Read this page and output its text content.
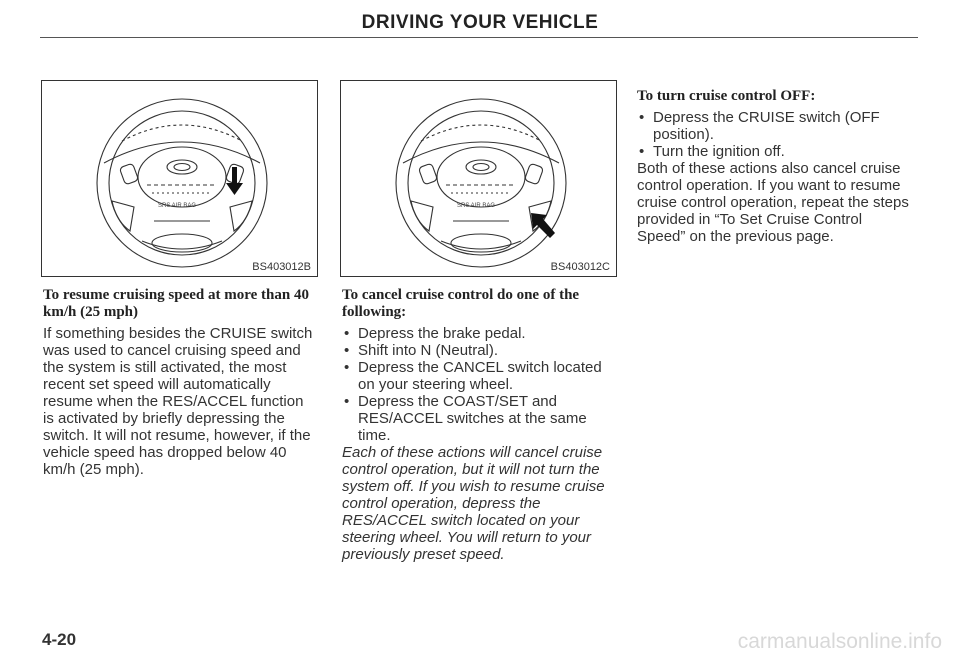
DRIVING YOUR VEHICLE
SRS AIR BAG
BS403012B
SRS AIR BAG
BS403012C
To resume cruising speed at more than 40 km/h (25 mph)

If something besides the CRUISE switch was used to cancel cruising speed and the system is still activated, the most recent set speed will automatically resume when the RES/ACCEL function is activated by briefly depressing the switch. It will not resume, however, if the vehicle speed has dropped below 40 km/h (25 mph).

To cancel cruise control do one of the following:
• Depress the brake pedal.
• Shift into N (Neutral).
• Depress the CANCEL switch located on your steering wheel.
• Depress the COAST/SET and RES/ACCEL switches at the same time.

Each of these actions will cancel cruise control operation, but it will not turn the system off. If you wish to resume cruise control operation, depress the RES/ACCEL switch located on your steering wheel. You will return to your previously preset speed.

To turn cruise control OFF:
• Depress the CRUISE switch (OFF position).
• Turn the ignition off.

Both of these actions also cancel cruise control operation. If you want to resume cruise control operation, repeat the steps provided in “To Set Cruise Control Speed” on the previous page.

4-20	carmanualsonline.info
